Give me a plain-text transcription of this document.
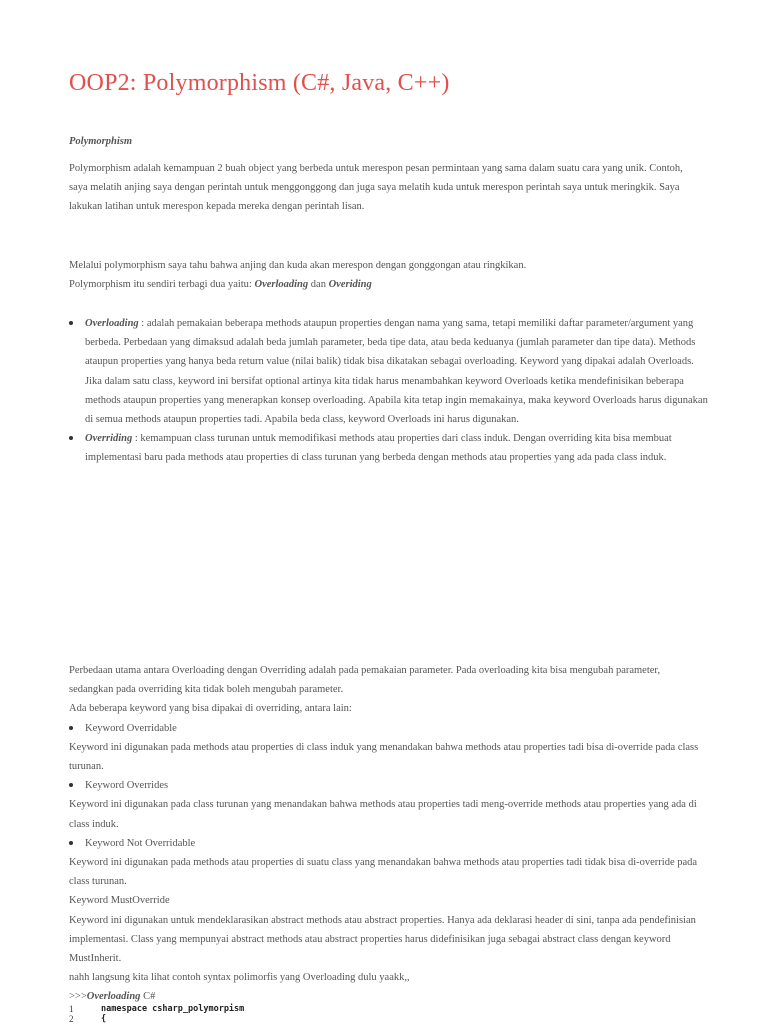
OOP2: Polymorphism (C#, Java, C++)
Polymorphism

Polymorphism adalah kemampuan 2 buah object yang berbeda untuk merespon pesan permintaan yang sama dalam suatu cara yang unik. Contoh, saya melatih anjing saya dengan perintah untuk menggonggong dan juga saya melatih kuda untuk merespon perintah saya untuk meringkik. Saya lakukan latihan untuk merespon kepada mereka dengan perintah lisan.

Melalui polymorphism saya tahu bahwa anjing dan kuda akan merespon dengan gonggongan atau ringkikan.

Polymorphism itu sendiri terbagi dua yaitu: Overloading dan Overiding

Overloading : adalah pemakaian beberapa methods ataupun properties dengan nama yang sama, tetapi memiliki daftar parameter/argument yang berbeda. Perbedaan yang dimaksud adalah beda jumlah parameter, beda tipe data, atau beda keduanya (jumlah parameter dan tipe data). Methods ataupun properties yang hanya beda return value (nilai balik) tidak bisa dikatakan sebagai overloading. Keyword yang dipakai adalah Overloads. Jika dalam satu class, keyword ini bersifat optional artinya kita tidak harus menambahkan keyword Overloads ketika mendefinisikan beberapa methods ataupun properties yang menerapkan konsep overloading. Apabila kita tetap ingin memakainya, maka keyword Overloads harus digunakan di semua methods ataupun properties tadi. Apabila beda class, keyword Overloads ini harus digunakan.
Overriding : kemampuan class turunan untuk memodifikasi methods atau properties dari class induk. Dengan overriding kita bisa membuat implementasi baru pada methods atau properties di class turunan yang berbeda dengan methods atau properties yang ada pada class induk.

Perbedaan utama antara Overloading dengan Overriding adalah pada pemakaian parameter. Pada overloading kita bisa mengubah parameter, sedangkan pada overriding kita tidak boleh mengubah parameter.

Ada beberapa keyword yang bisa dipakai di overriding, antara lain:

Keyword Overridable

Keyword ini digunakan pada methods atau properties di class induk yang menandakan bahwa methods atau properties tadi bisa di-override pada class turunan.

Keyword Overrides

Keyword ini digunakan pada class turunan yang menandakan bahwa methods atau properties tadi meng-override methods atau properties yang ada di class induk.

Keyword Not Overridable

Keyword ini digunakan pada methods atau properties di suatu class yang menandakan bahwa methods atau properties tadi tidak bisa di-override pada class turunan.

Keyword MustOverride

Keyword ini digunakan untuk mendeklarasikan abstract methods atau abstract properties. Hanya ada deklarasi header di sini, tanpa ada pendefinisian implementasi. Class yang mempunyai abstract methods atau abstract properties harus didefinisikan juga sebagai abstract class dengan keyword MustInherit.

nahh langsung kita lihat contoh syntax polimorfis yang Overloading dulu yaakk,,

>>>Overloading C#

1	namespace csharp_polymorpism
2	{
